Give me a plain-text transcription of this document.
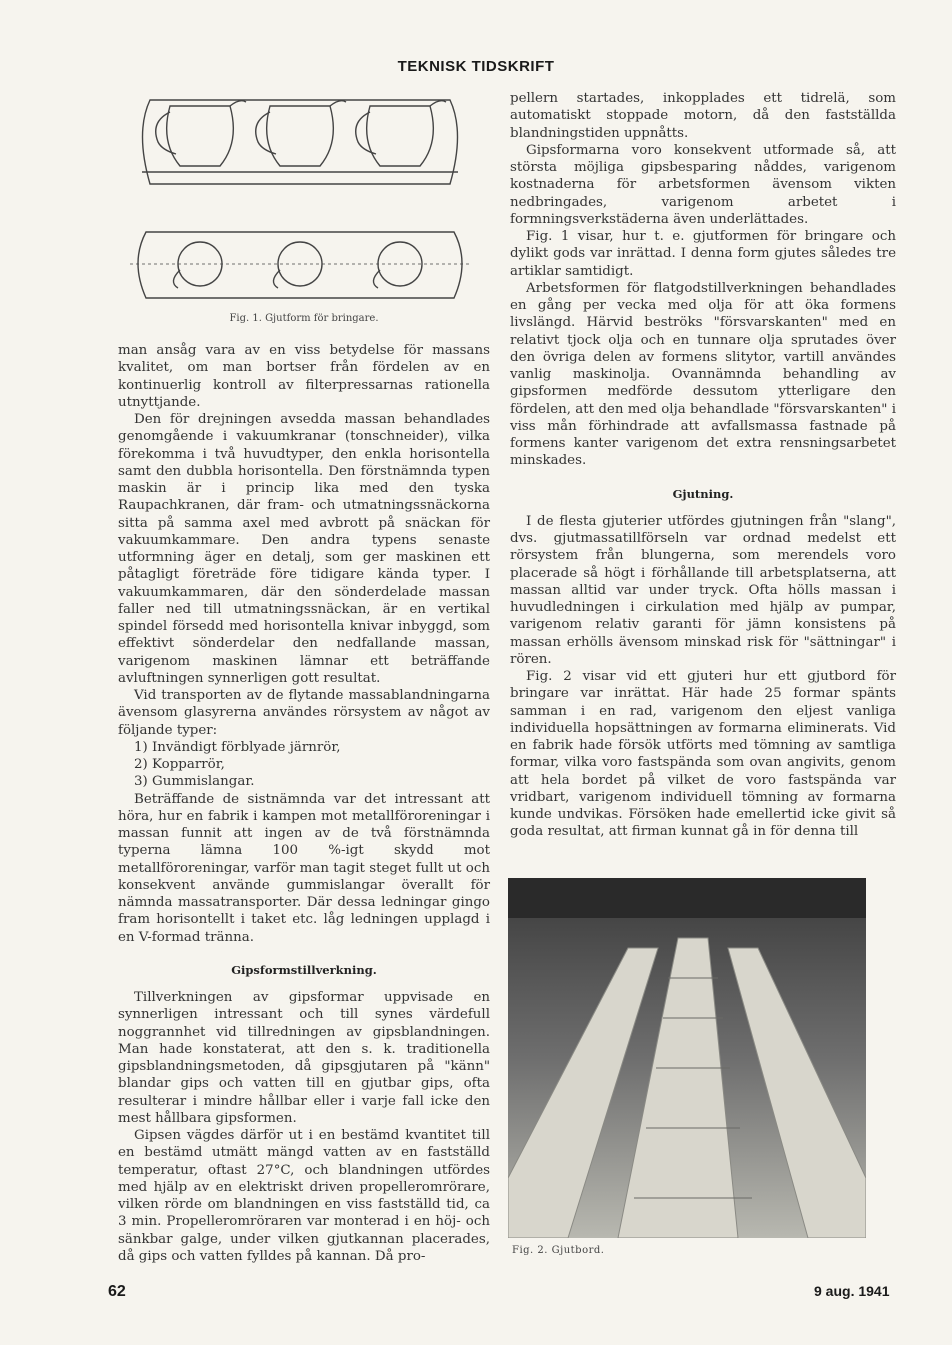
TEKNISK TIDSKRIFT
Fig. 1. Gjutform för bringare.

man ansåg vara av en viss betydelse för massans kvalitet, om man bortser från fördelen av en kontinuerlig kontroll av filterpressarnas rationella utnyttjande.

Den för drejningen avsedda massan behandlades genomgående i vakuumkranar (tonschneider), vilka förekomma i två huvudtyper, den enkla horisontella samt den dubbla horisontella. Den förstnämnda typen maskin är i princip lika med den tyska Raupachkranen, där fram- och utmatningssnäckorna sitta på samma axel med avbrott på snäckan för vakuumkammare. Den andra typens senaste utformning äger en detalj, som ger maskinen ett påtagligt företräde före tidigare kända typer. I vakuumkammaren, där den sönderdelade massan faller ned till utmatningssnäckan, är en vertikal spindel försedd med horisontella knivar inbyggd, som effektivt sönderdelar den nedfallande massan, varigenom maskinen lämnar ett beträffande avluftningen synnerligen gott resultat.

Vid transporten av de flytande massablandningarna ävensom glasyrerna användes rörsystem av något av följande typer:

1) Invändigt förblyade järnrör,

2) Kopparrör,

3) Gummislangar.

Beträffande de sistnämnda var det intressant att höra, hur en fabrik i kampen mot metallföroreningar i massan funnit att ingen av de två förstnämnda typerna lämna 100 %-igt skydd mot metallföroreningar, varför man tagit steget fullt ut och konsekvent använde gummislangar överallt för nämnda massatransporter. Där dessa ledningar gingo fram horisontellt i taket etc. låg ledningen upplagd i en V-formad tränna.

Gipsformstillverkning.

Tillverkningen av gipsformar uppvisade en synnerligen intressant och till synes värdefull noggrannhet vid tillredningen av gipsblandningen. Man hade konstaterat, att den s. k. traditionella gipsblandningsmetoden, då gipsgjutaren på "känn" blandar gips och vatten till en gjutbar gips, ofta resulterar i mindre hållbar eller i varje fall icke den mest hållbara gipsformen.

Gipsen vägdes därför ut i en bestämd kvantitet till en bestämd utmätt mängd vatten av en fastställd temperatur, oftast 27°C, och blandningen utfördes med hjälp av en elektriskt driven propelleromrörare, vilken rörde om blandningen en viss fastställd tid, ca 3 min. Propelleromröraren var monterad i en höj- och sänkbar galge, under vilken gjutkannan placerades, då gips och vatten fylldes på kannan. Då pro-

pellern startades, inkopplades ett tidrelä, som automatiskt stoppade motorn, då den fastställda blandningstiden uppnåtts.

Gipsformarna voro konsekvent utformade så, att största möjliga gipsbesparing nåddes, varigenom kostnaderna för arbetsformen ävensom vikten nedbringades, varigenom arbetet i formningsverkstäderna även underlättades.

Fig. 1 visar, hur t. e. gjutformen för bringare och dylikt gods var inrättad. I denna form gjutes således tre artiklar samtidigt.

Arbetsformen för flatgodstillverkningen behandlades en gång per vecka med olja för att öka formens livslängd. Härvid beströks "försvarskanten" med en relativt tjock olja och en tunnare olja sprutades över den övriga delen av formens slitytor, vartill användes vanlig maskinolja. Ovannämnda behandling av gipsformen medförde dessutom ytterligare den fördelen, att den med olja behandlade "försvarskanten" i viss mån förhindrade att avfallsmassa fastnade på formens kanter varigenom det extra rensningsarbetet minskades.

Gjutning.

I de flesta gjuterier utfördes gjutningen från "slang", dvs. gjutmassatillförseln var ordnad medelst ett rörsystem från blungerna, som merendels voro placerade så högt i förhållande till arbetsplatserna, att massan alltid var under tryck. Ofta hölls massan i huvudledningen i cirkulation med hjälp av pumpar, varigenom relativ garanti för jämn konsistens på massan erhölls ävensom minskad risk för "sättningar" i rören.

Fig. 2 visar vid ett gjuteri hur ett gjutbord för bringare var inrättat. Här hade 25 formar spänts samman i en rad, varigenom den eljest vanliga individuella hopsättningen av formarna eliminerats. Vid en fabrik hade försök utförts med tömning av samtliga formar, vilka voro fastspända som ovan angivits, genom att hela bordet på vilket de voro fastspända var vridbart, varigenom individuell tömning av formarna kunde undvikas. Försöken hade emellertid icke givit så goda resultat, att firman kunnat gå in för denna till

Fig. 2. Gjutbord.
62	9 aug. 1941
